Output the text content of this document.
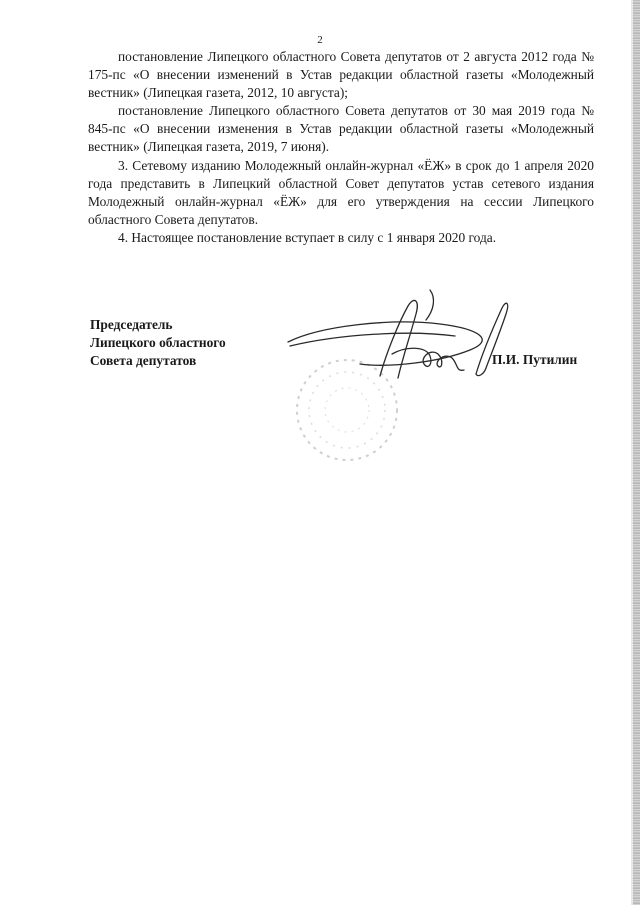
2

постановление Липецкого областного Совета депутатов от 2 августа 2012 года № 175-пс «О внесении изменений в Устав редакции областной газеты «Молодежный вестник» (Липецкая газета, 2012, 10 августа);

постановление Липецкого областного Совета депутатов от 30 мая 2019 года № 845-пс «О внесении изменения в Устав редакции областной газеты «Молодежный вестник» (Липецкая газета, 2019, 7 июня).

3. Сетевому изданию Молодежный онлайн-журнал «ЁЖ» в срок до 1 апреля 2020 года представить в Липецкий областной Совет депутатов устав сетевого издания Молодежный онлайн-журнал «ЁЖ» для его утверждения на сессии Липецкого областного Совета депутатов.

4. Настоящее постановление вступает в силу с 1 января 2020 года.

Председатель
Липецкого областного
Совета депутатов	П.И. Путилин
